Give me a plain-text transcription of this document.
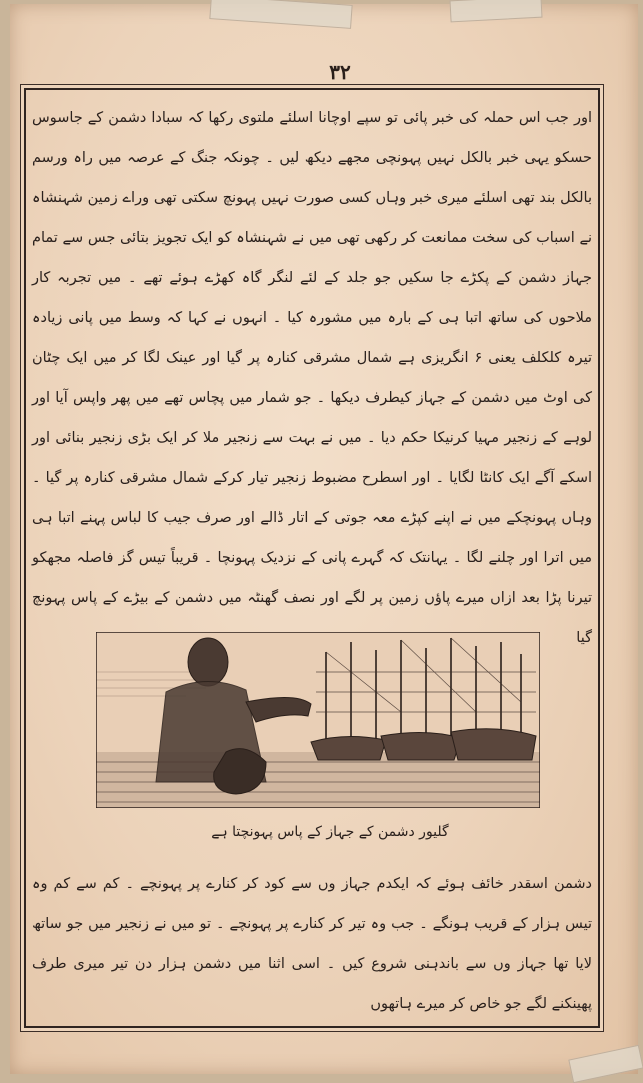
۳۲

اور جب اس حملہ کی خبر پائی تو سپے اوچانا اسلئے ملتوی رکھا کہ سبادا دشمن کے جاسوس حسکو یہی خبر بالکل نہیں پہونچی مجھے دیکھ لیں ۔ چونکہ جنگ کے عرصہ میں راہ ورسم بالکل بند تھی اسلئے میری خبر وہاں کسی صورت نہیں پہونچ سکتی تھی وراے زمین شہنشاہ نے اسباب کی سخت ممانعت کر رکھی تھی میں نے شہنشاہ کو ایک تجویز بتائی جس سے تمام جہاز دشمن کے پکڑے جا سکیں جو جلد کے لئے لنگر گاہ کھڑے ہوئے تھے ۔ میں تجربہ کار ملاحوں کی ساتھ اتبا ہی کے بارہ میں مشورہ کیا ۔ انہوں نے کہا کہ وسط میں پانی زیادہ تیرہ کلکلف یعنی ۶ انگریزی ہے شمال مشرقی کنارہ پر گیا اور عینک لگا کر میں ایک چٹان کی اوٹ میں دشمن کے جہاز کیطرف دیکھا ۔ جو شمار میں پچاس تھے میں پھر واپس آیا اور لوہے کے زنجیر مہیا کرنیکا حکم دیا ۔ میں نے بہت سے زنجیر ملا کر ایک بڑی زنجیر بنائی اور اسکے آگے ایک کانٹا لگایا ۔ اور اسطرح مضبوط زنجیر تیار کرکے شمال مشرقی کنارہ پر گیا ۔ وہاں پہونچکے میں نے اپنے کپڑے معہ جوتی کے اتار ڈالے اور صرف جیب کا لباس پہنے اتبا ہی میں اترا اور چلنے لگا ۔ یہانتک کہ گہرے پانی کے نزدیک پہونچا ۔ قریباً تیس گز فاصلہ مجھکو تیرنا پڑا بعد ازاں میرے پاؤں زمین پر لگے اور نصف گھنٹہ میں دشمن کے بیڑے کے پاس پہونچ گیا

گلیور دشمن کے جہاز کے پاس پہونچتا ہے

دشمن اسقدر خائف ہوئے کہ ایکدم جہاز وں سے کود کر کنارے پر پہونچے ۔ کم سے کم وہ تیس ہزار کے قریب ہونگے ۔ جب وہ تیر کر کنارے پر پہونچے ۔ تو میں نے زنجیر میں جو ساتھ لایا تھا جہاز وں سے باندہنی شروع کیں ۔ اسی اثنا میں دشمن ہزار دن تیر میری طرف پھینکنے لگے جو خاص کر میرے ہاتھوں
